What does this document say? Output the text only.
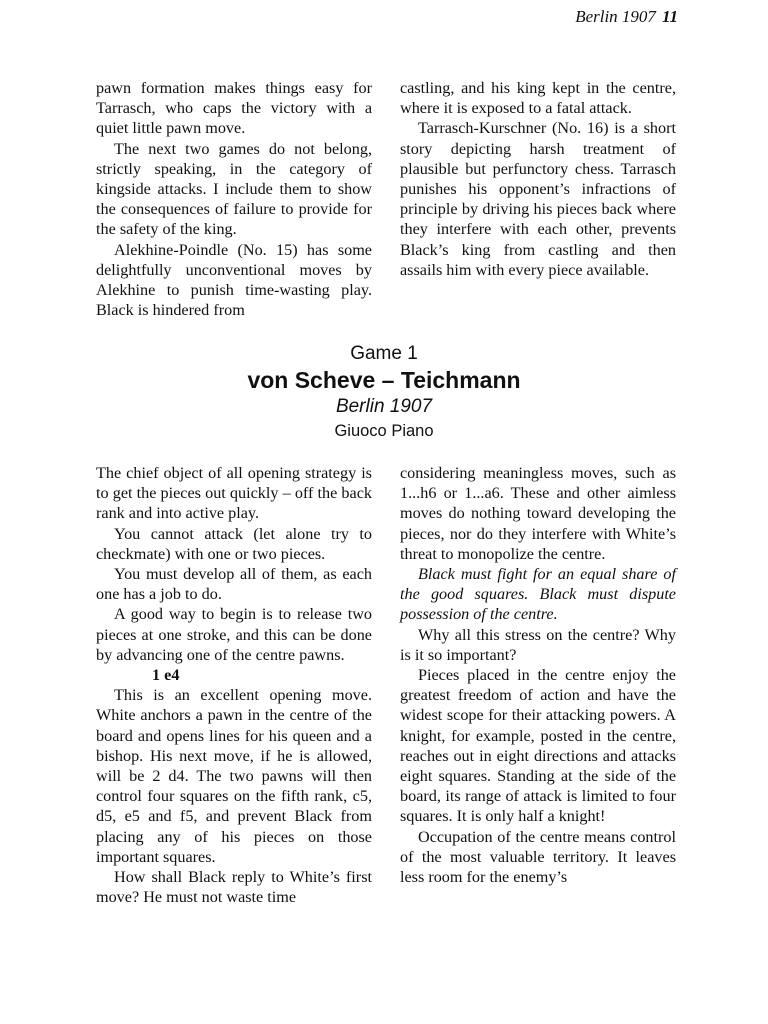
Berlin 1907 11

pawn formation makes things easy for Tarrasch, who caps the victory with a quiet little pawn move.

The next two games do not belong, strictly speaking, in the category of kingside attacks. I include them to show the consequences of failure to provide for the safety of the king.

Alekhine-Poindle (No. 15) has some delightfully unconventional moves by Alekhine to punish time-wasting play. Black is hindered from

castling, and his king kept in the centre, where it is exposed to a fatal attack.

Tarrasch-Kurschner (No. 16) is a short story depicting harsh treatment of plausible but perfunctory chess. Tarrasch punishes his opponent’s infractions of principle by driving his pieces back where they interfere with each other, prevents Black’s king from castling and then assails him with every piece available.

Game 1
von Scheve – Teichmann
Berlin 1907
Giuoco Piano

The chief object of all opening strategy is to get the pieces out quickly – off the back rank and into active play.

You cannot attack (let alone try to checkmate) with one or two pieces.

You must develop all of them, as each one has a job to do.

A good way to begin is to release two pieces at one stroke, and this can be done by advancing one of the centre pawns.

1 e4

This is an excellent opening move. White anchors a pawn in the centre of the board and opens lines for his queen and a bishop. His next move, if he is allowed, will be 2 d4. The two pawns will then control four squares on the fifth rank, c5, d5, e5 and f5, and prevent Black from placing any of his pieces on those important squares.

How shall Black reply to White’s first move? He must not waste time

considering meaningless moves, such as 1...h6 or 1...a6. These and other aimless moves do nothing toward developing the pieces, nor do they interfere with White’s threat to monopolize the centre.

Black must fight for an equal share of the good squares. Black must dispute possession of the centre.

Why all this stress on the centre? Why is it so important?

Pieces placed in the centre enjoy the greatest freedom of action and have the widest scope for their attacking powers. A knight, for example, posted in the centre, reaches out in eight directions and attacks eight squares. Standing at the side of the board, its range of attack is limited to four squares. It is only half a knight!

Occupation of the centre means control of the most valuable territory. It leaves less room for the enemy’s
